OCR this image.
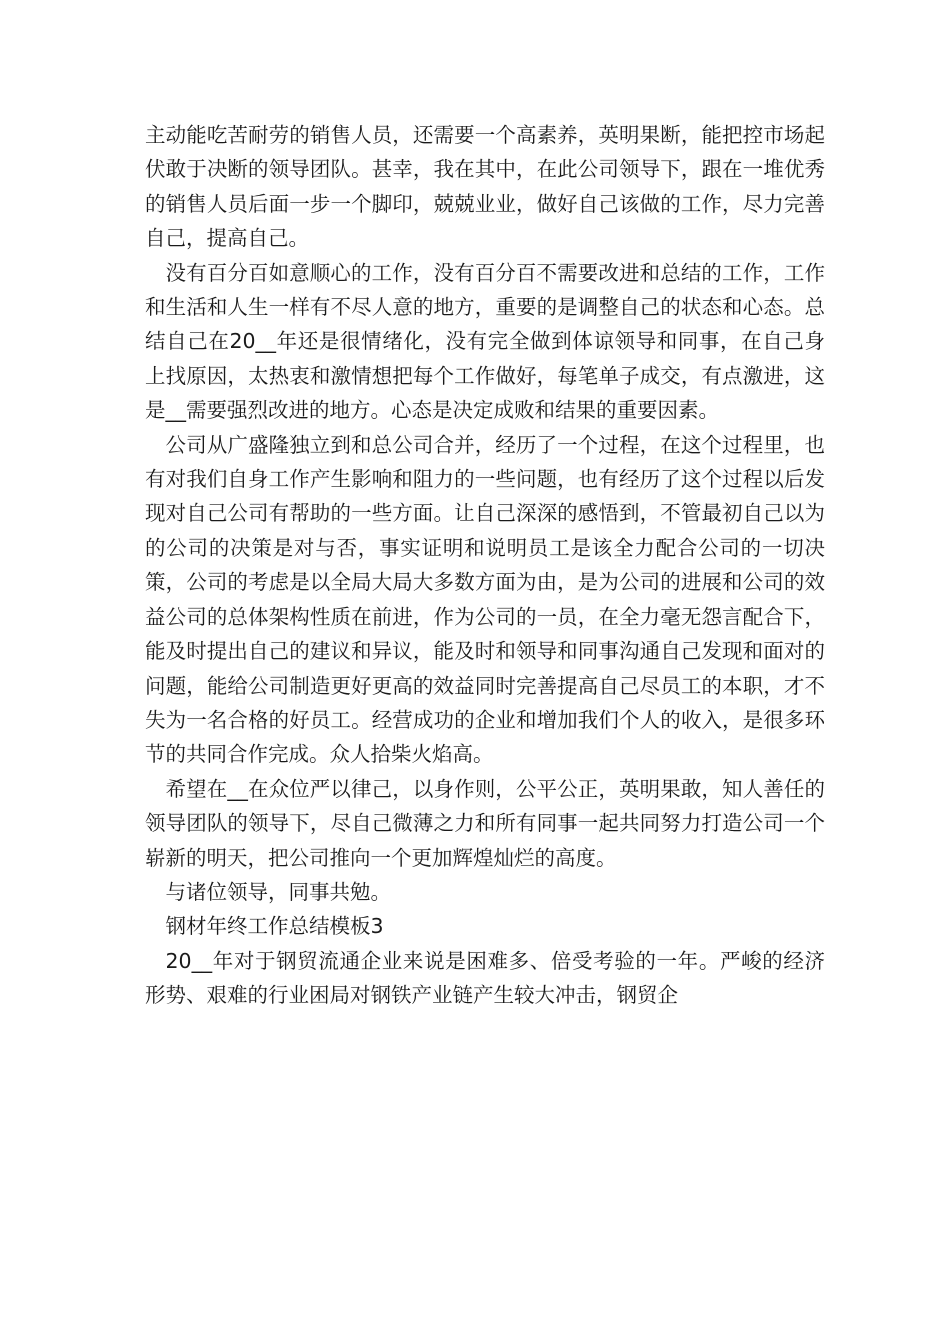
主动能吃苦耐劳的销售人员，还需要一个高素养，英明果断，能把控市场起伏敢于决断的领导团队。甚幸，我在其中，在此公司领导下，跟在一堆优秀的销售人员后面一步一个脚印，兢兢业业，做好自己该做的工作，尽力完善自己，提高自己。

没有百分百如意顺心的工作，没有百分百不需要改进和总结的工作，工作和生活和人生一样有不尽人意的地方，重要的是调整自己的状态和心态。总结自己在20__年还是很情绪化，没有完全做到体谅领导和同事，在自己身上找原因，太热衷和激情想把每个工作做好，每笔单子成交，有点激进，这是__需要强烈改进的地方。心态是决定成败和结果的重要因素。

公司从广盛隆独立到和总公司合并，经历了一个过程，在这个过程里，也有对我们自身工作产生影响和阻力的一些问题，也有经历了这个过程以后发现对自己公司有帮助的一些方面。让自己深深的感悟到，不管最初自己以为的公司的决策是对与否，事实证明和说明员工是该全力配合公司的一切决策，公司的考虑是以全局大局大多数方面为由，是为公司的进展和公司的效益公司的总体架构性质在前进，作为公司的一员，在全力毫无怨言配合下，能及时提出自己的建议和异议，能及时和领导和同事沟通自己发现和面对的问题，能给公司制造更好更高的效益同时完善提高自己尽员工的本职，才不失为一名合格的好员工。经营成功的企业和增加我们个人的收入，是很多环节的共同合作完成。众人拾柴火焰高。

希望在__在众位严以律己，以身作则，公平公正，英明果敢，知人善任的领导团队的领导下，尽自己微薄之力和所有同事一起共同努力打造公司一个崭新的明天，把公司推向一个更加辉煌灿烂的高度。

与诸位领导，同事共勉。

钢材年终工作总结模板3

20__年对于钢贸流通企业来说是困难多、倍受考验的一年。严峻的经济形势、艰难的行业困局对钢铁产业链产生较大冲击，钢贸企
